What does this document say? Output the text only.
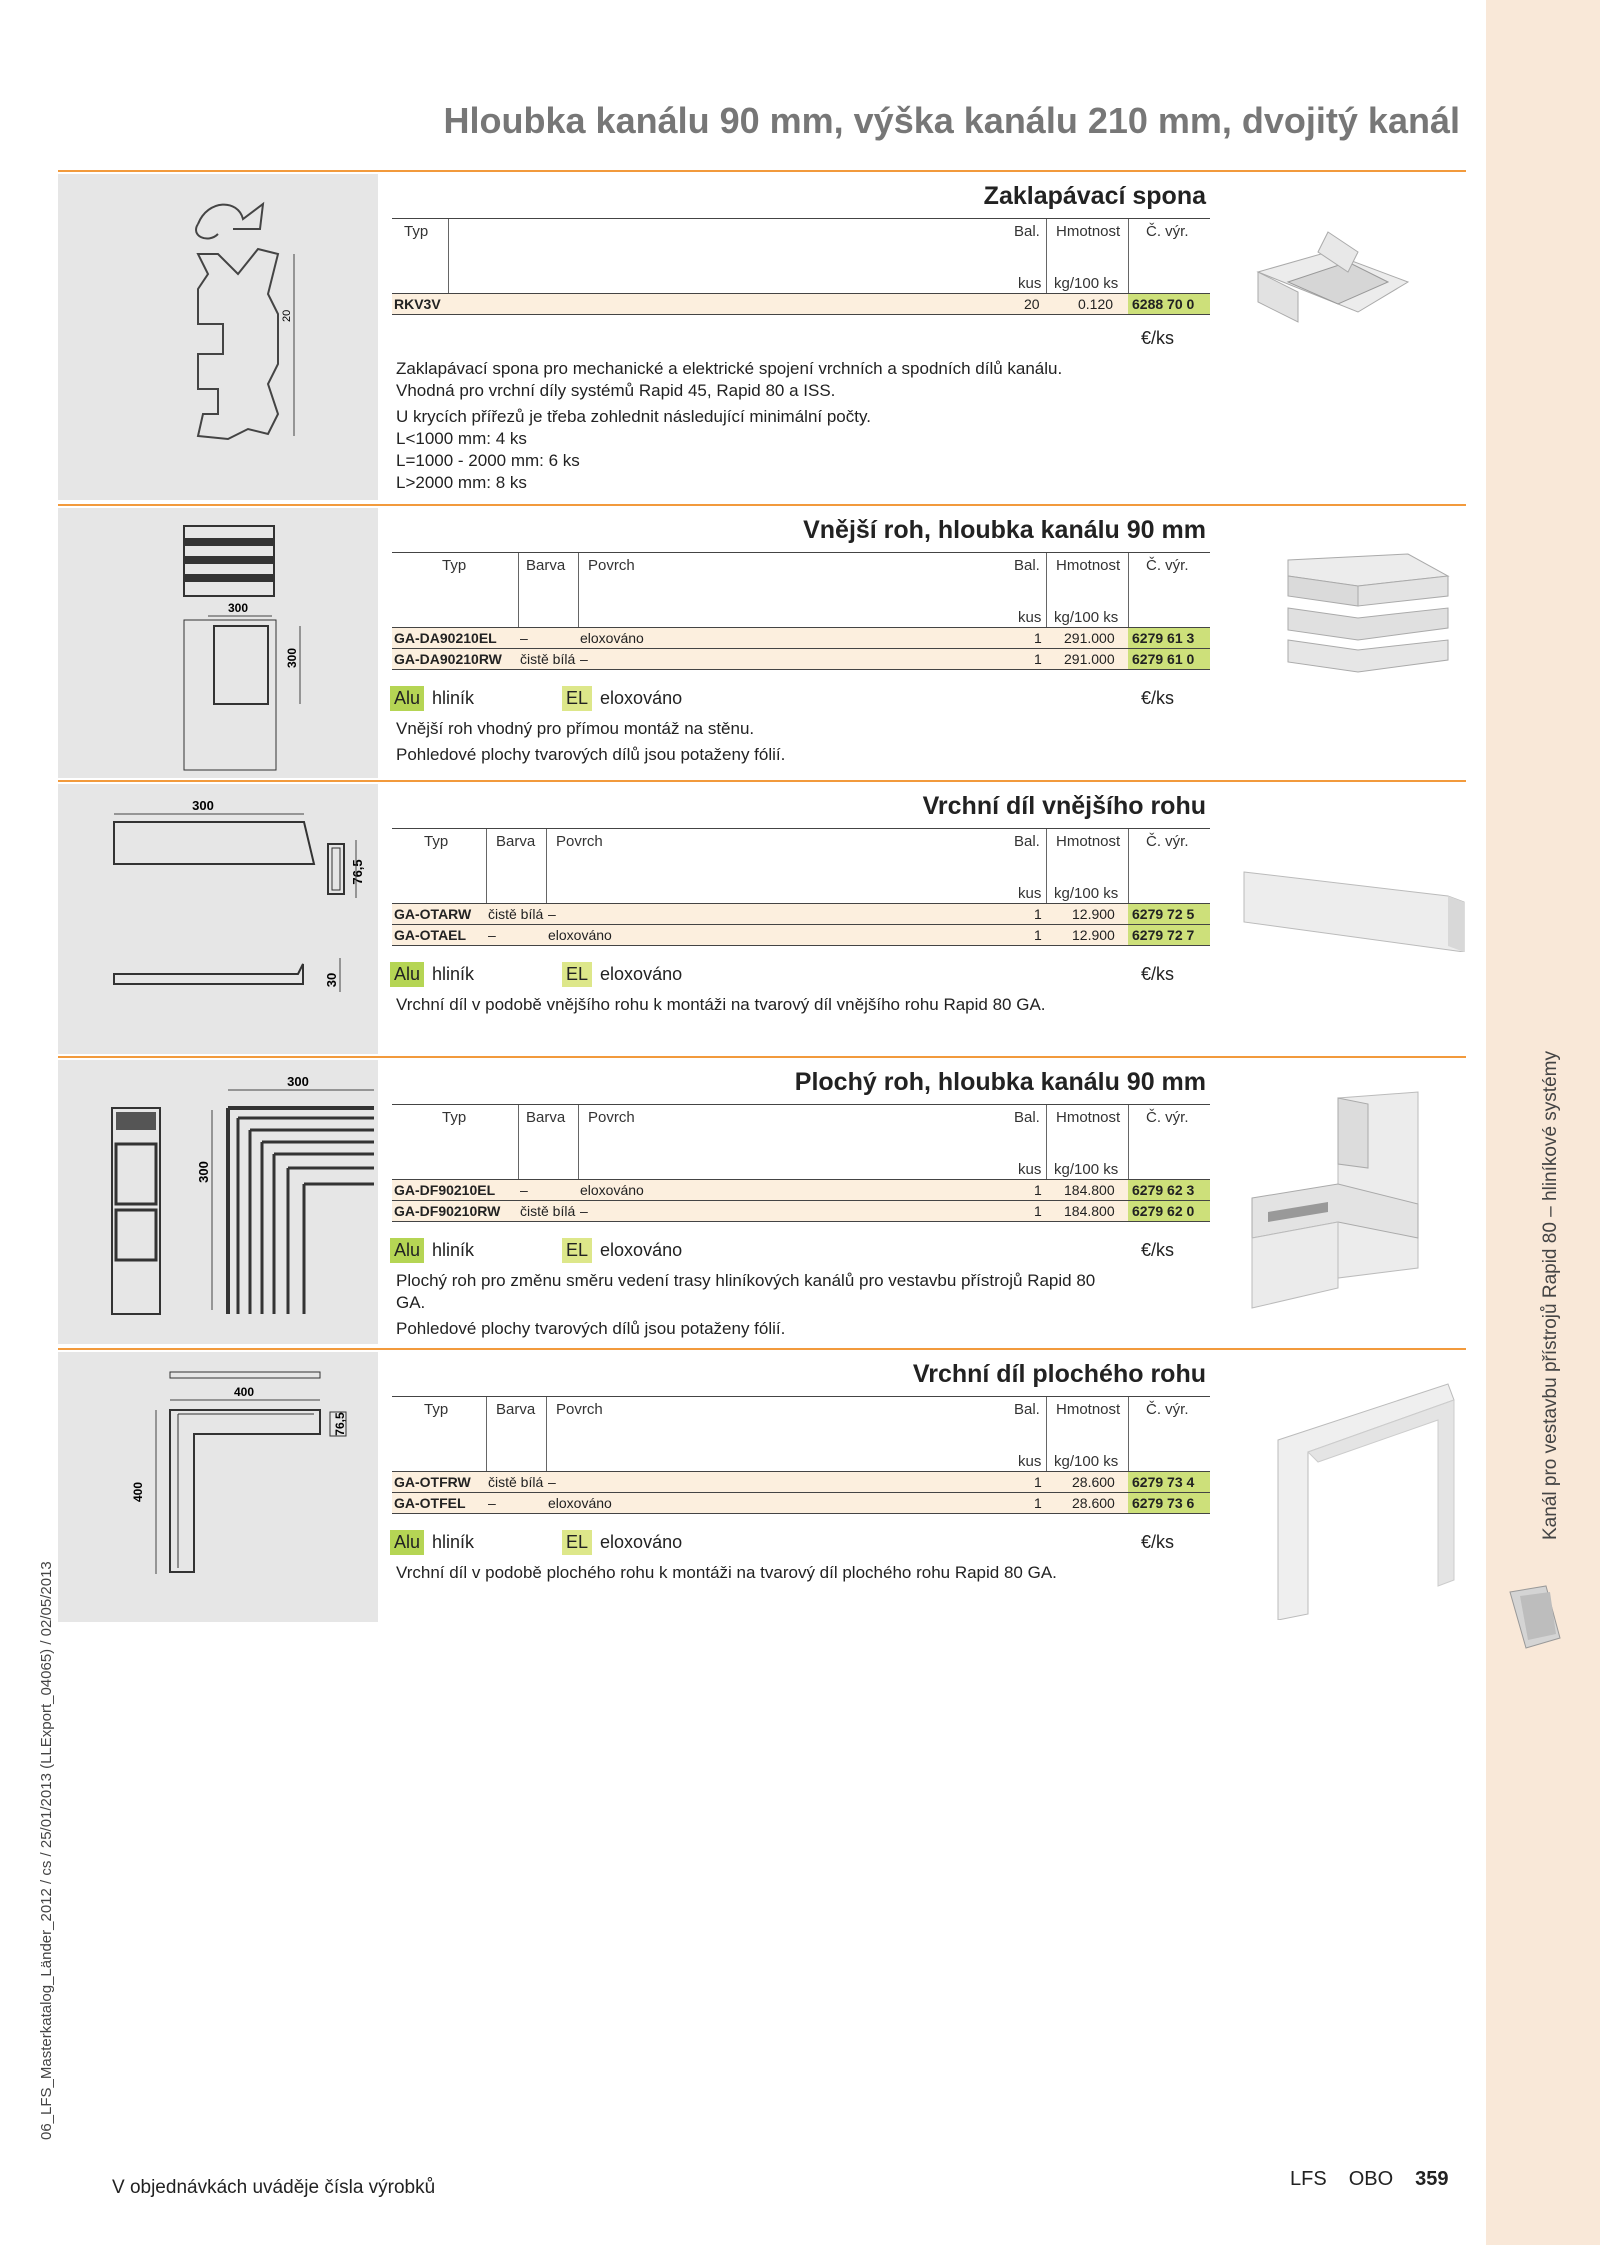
Kanál pro vestavbu přístrojů Rapid 80 – hliníkové systémy
06_LFS_Masterkatalog_Länder_2012 / cs / 25/01/2013 (LLExport_04065) / 02/05/2013
Hloubka kanálu 90 mm, výška kanálu 210 mm, dvojitý kanál
20
Zaklapávací spona
Typ	Bal. Hmotnost Č. výr.
kus kg/100 ks
RKV3V	20	0.120 6288 70 0
€/ks
Zaklapávací spona pro mechanické a elektrické spojení vrchních a spodních dílů kanálu.
Vhodná pro vrchní díly systémů Rapid 45, Rapid 80 a ISS.
U krycích přířezů je třeba zohlednit následující minimální počty.
L<1000 mm: 4 ks
L=1000 - 2000 mm: 6 ks
L>2000 mm: 8 ks
300
300
Vnější roh, hloubka kanálu 90 mm
Typ	Barva Povrch	Bal. Hmotnost Č. výr.
kus kg/100 ks
GA-DA90210EL –	eloxováno	1 291.000 6279 61 3
GA-DA90210RW čistě bílá –	1 291.000 6279 61 0
Alu hliník	EL eloxováno	€/ks
Vnější roh vhodný pro přímou montáž na stěnu.
Pohledové plochy tvarových dílů jsou potaženy fólií.
300
76,5
30
Vrchní díl vnějšího rohu
Typ	Barva Povrch	Bal. Hmotnost Č. výr.
kus kg/100 ks
GA-OTARW čistě bílá –	1 12.900 6279 72 5
GA-OTAEL –	eloxováno	1 12.900 6279 72 7
Alu hliník	EL eloxováno	€/ks
Vrchní díl v podobě vnějšího rohu k montáži na tvarový díl vnějšího rohu Rapid 80 GA.
300
300
Plochý roh, hloubka kanálu 90 mm
Typ	Barva Povrch	Bal. Hmotnost Č. výr.
kus kg/100 ks
GA-DF90210EL –	eloxováno	1 184.800 6279 62 3
GA-DF90210RW čistě bílá –	1 184.800 6279 62 0
Alu hliník	EL eloxováno	€/ks
Plochý roh pro změnu směru vedení trasy hliníkových kanálů pro vestavbu přístrojů Rapid 80
GA.
Pohledové plochy tvarových dílů jsou potaženy fólií.
400
76,5
400
Vrchní díl plochého rohu
Typ	Barva Povrch	Bal. Hmotnost Č. výr.
kus kg/100 ks
GA-OTFRW čistě bílá –	1 28.600 6279 73 4
GA-OTFEL –	eloxováno	1 28.600 6279 73 6
Alu hliník	EL eloxováno	€/ks
Vrchní díl v podobě plochého rohu k montáži na tvarový díl plochého rohu Rapid 80 GA.
V objednávkách uváděje čísla výrobků	LFS OBO 359
